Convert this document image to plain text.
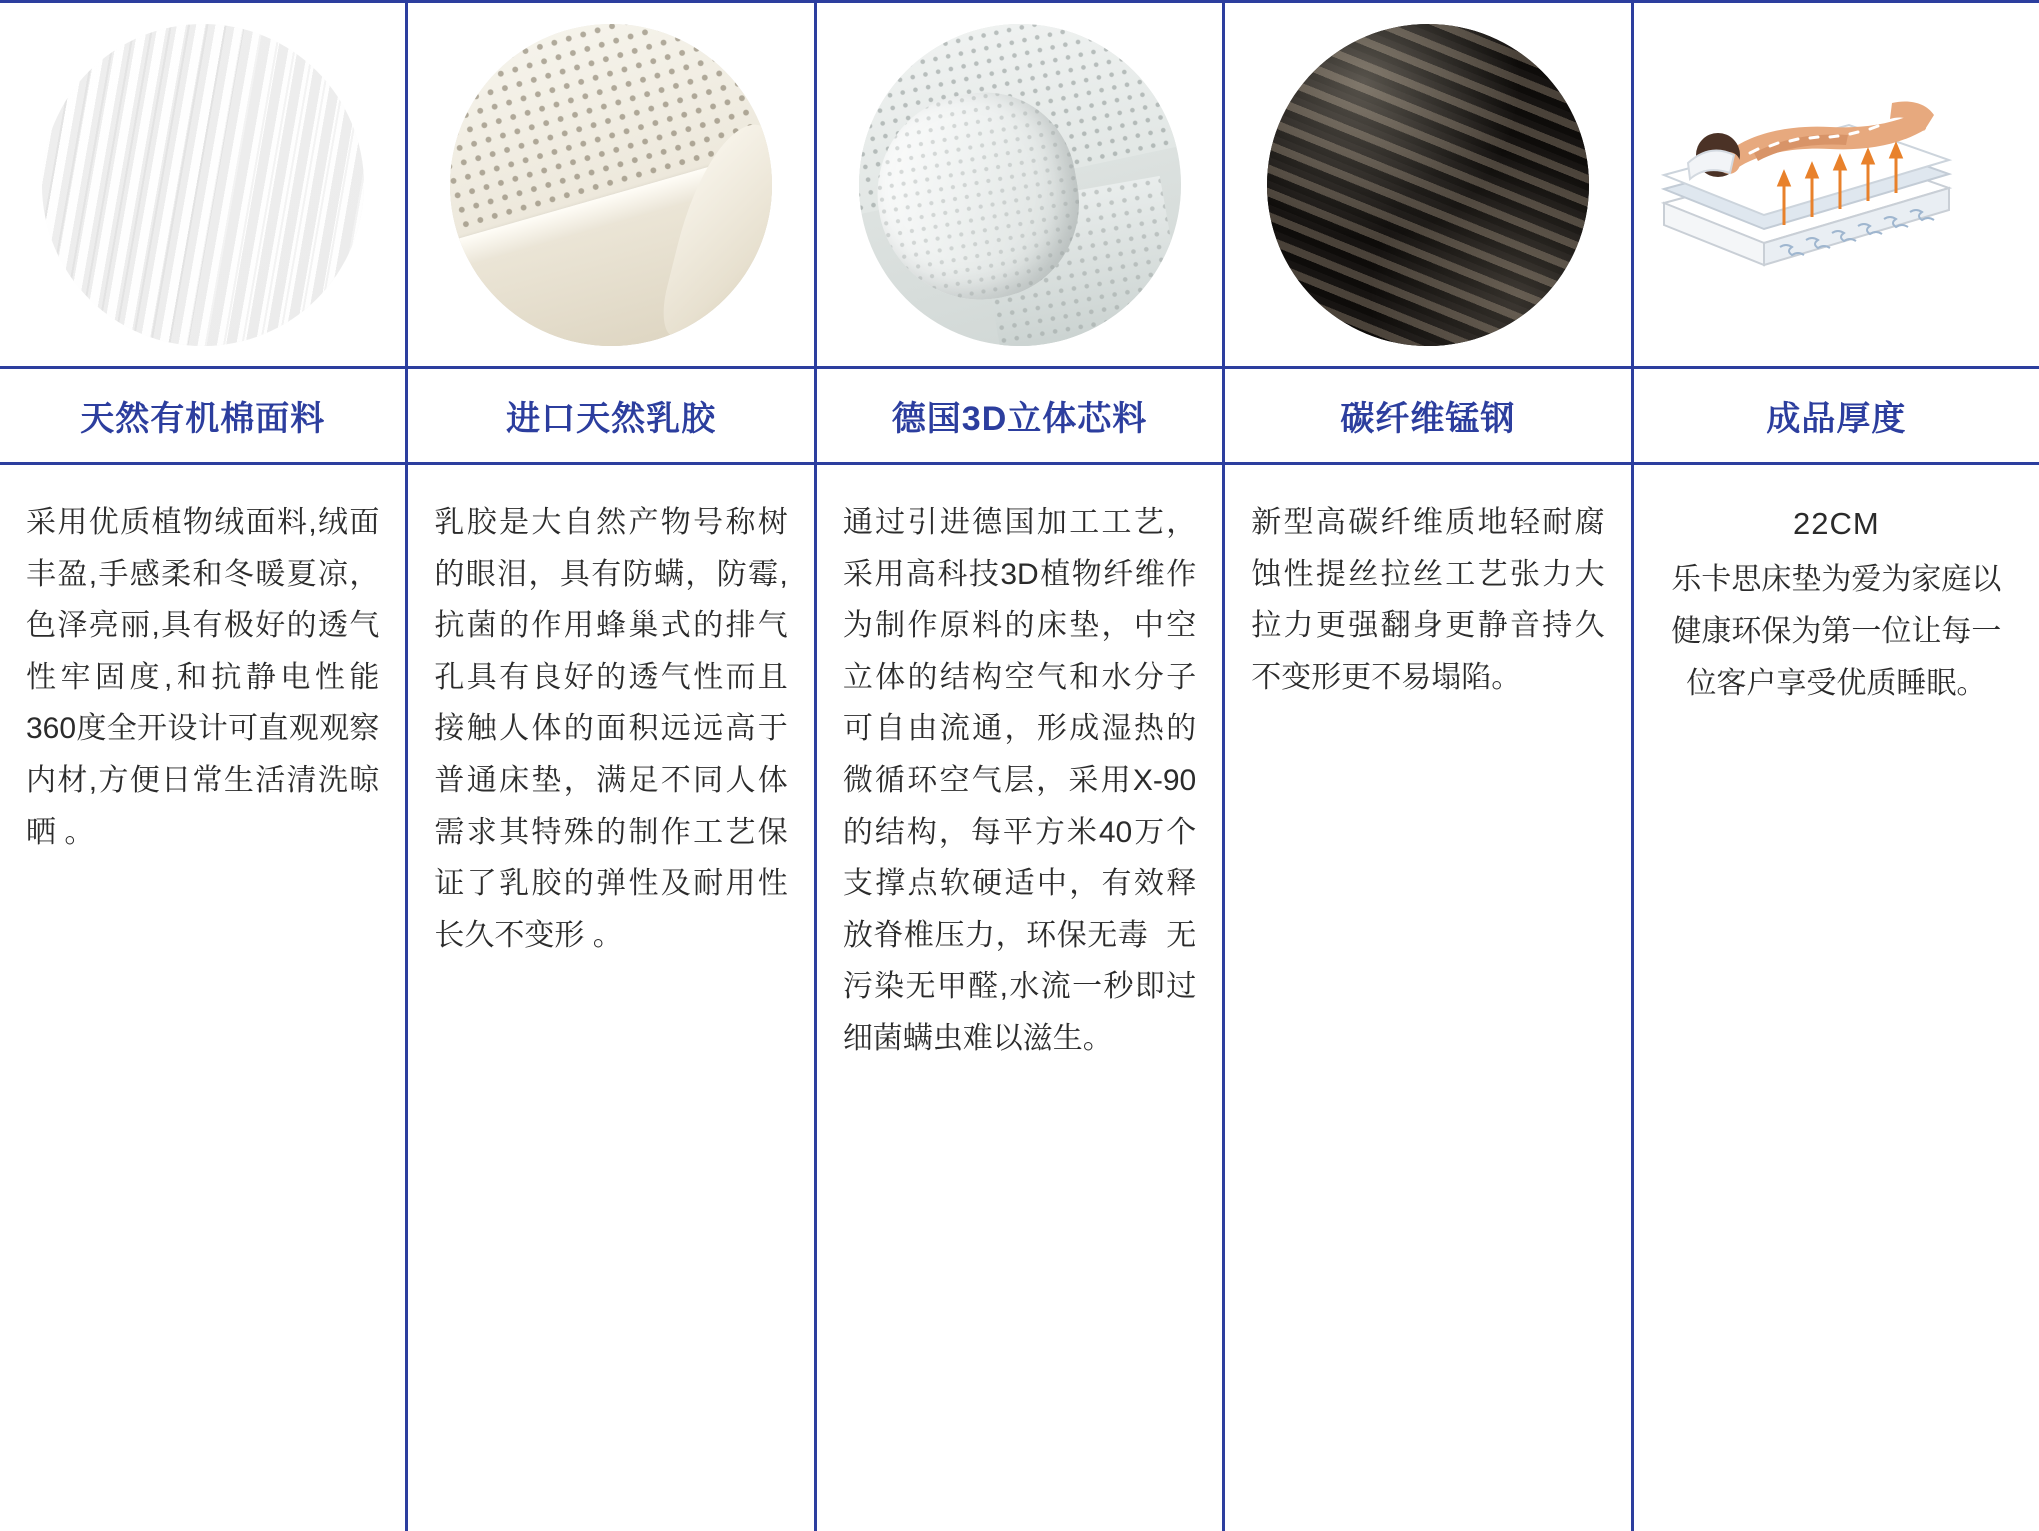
天然有机棉面料
采用优质植物绒面料,绒面丰盈,手感柔和冬暖夏凉，色泽亮丽,具有极好的透气性牢固度,和抗静电性能360度全开设计可直观观察内材,方便日常生活清洗晾晒 。
进口天然乳胶
乳胶是大自然产物号称树的眼泪，具有防螨，防霉,抗菌的作用蜂巢式的排气孔具有良好的透气性而且接触人体的面积远远高于普通床垫，满足不同人体需求其特殊的制作工艺保证了乳胶的弹性及耐用性长久不变形 。
德国3D立体芯料
通过引进德国加工工艺，采用高科技3D植物纤维作为制作原料的床垫，中空立体的结构空气和水分子可自由流通，形成湿热的微循环空气层，采用X-90的结构，每平方米40万个支撑点软硬适中，有效释放脊椎压力，环保无毒  无污染无甲醛,水流一秒即过细菌螨虫难以滋生。
碳纤维锰钢
新型高碳纤维质地轻耐腐蚀性提丝拉丝工艺张力大拉力更强翻身更静音持久不变形更不易塌陷。
成品厚度
22CM
乐卡思床垫为爱为家庭以健康环保为第一位让每一位客户享受优质睡眠。
